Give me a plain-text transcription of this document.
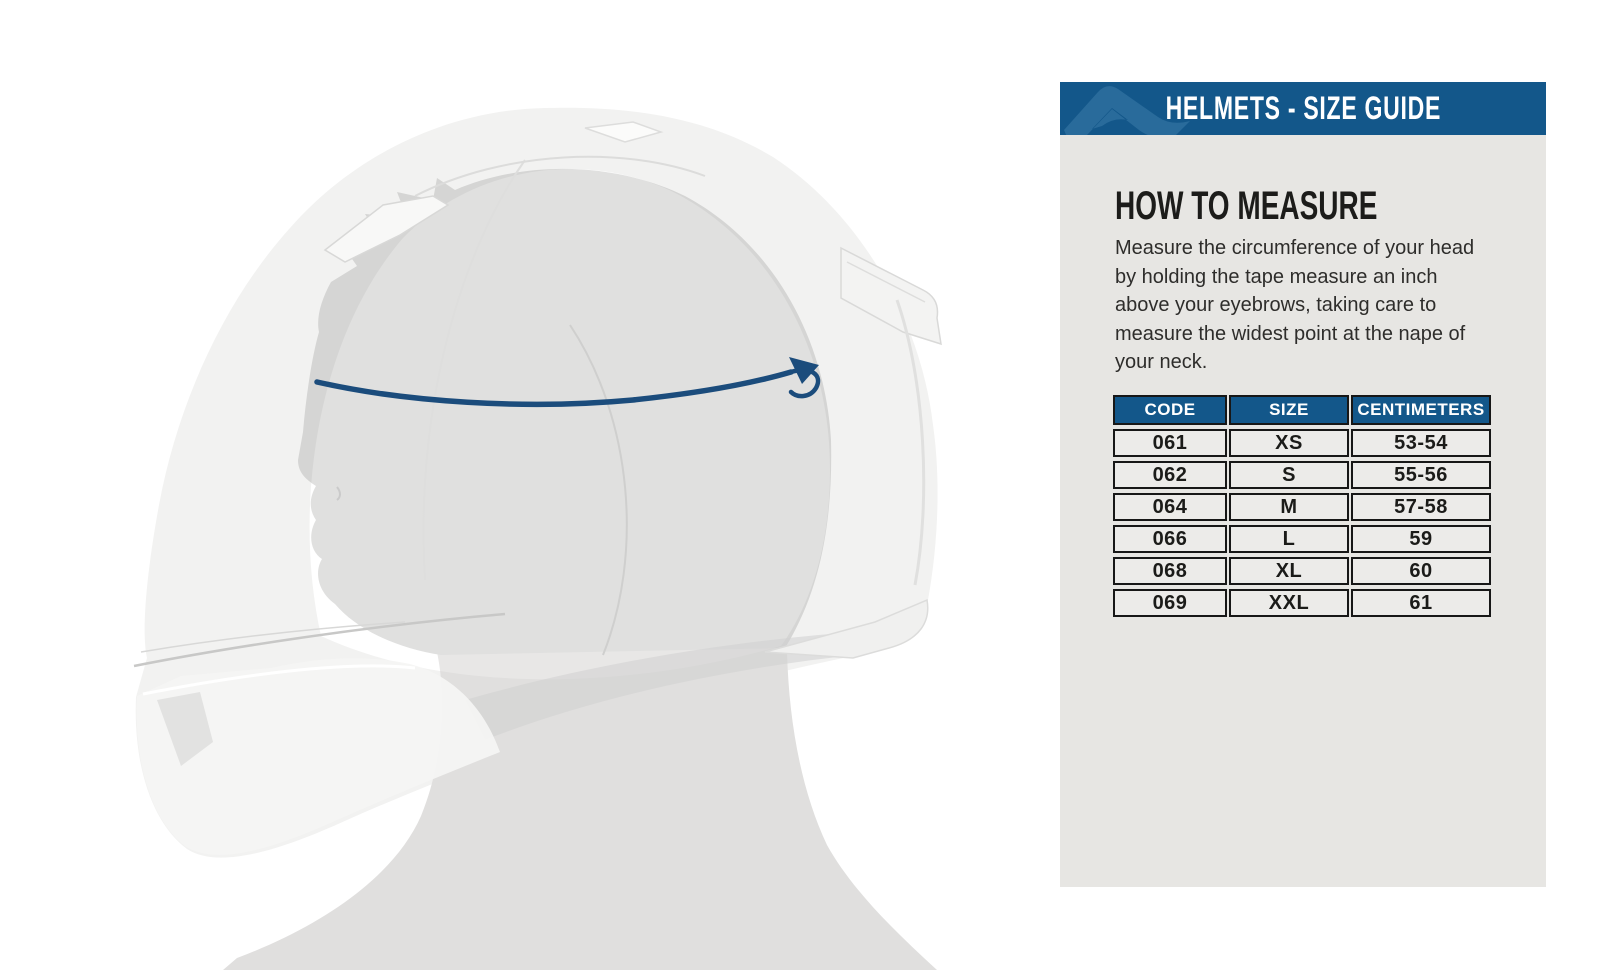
HELMETS - SIZE GUIDE
HOW TO MEASURE
Measure the circumference of your head by holding the tape measure an inch above your eyebrows, taking care to measure the widest point at the nape of your neck.
CODE	SIZE	CENTIMETERS
061	XS	53-54
062	S	55-56
064	M	57-58
066	L	59
068	XL	60
069	XXL	61
